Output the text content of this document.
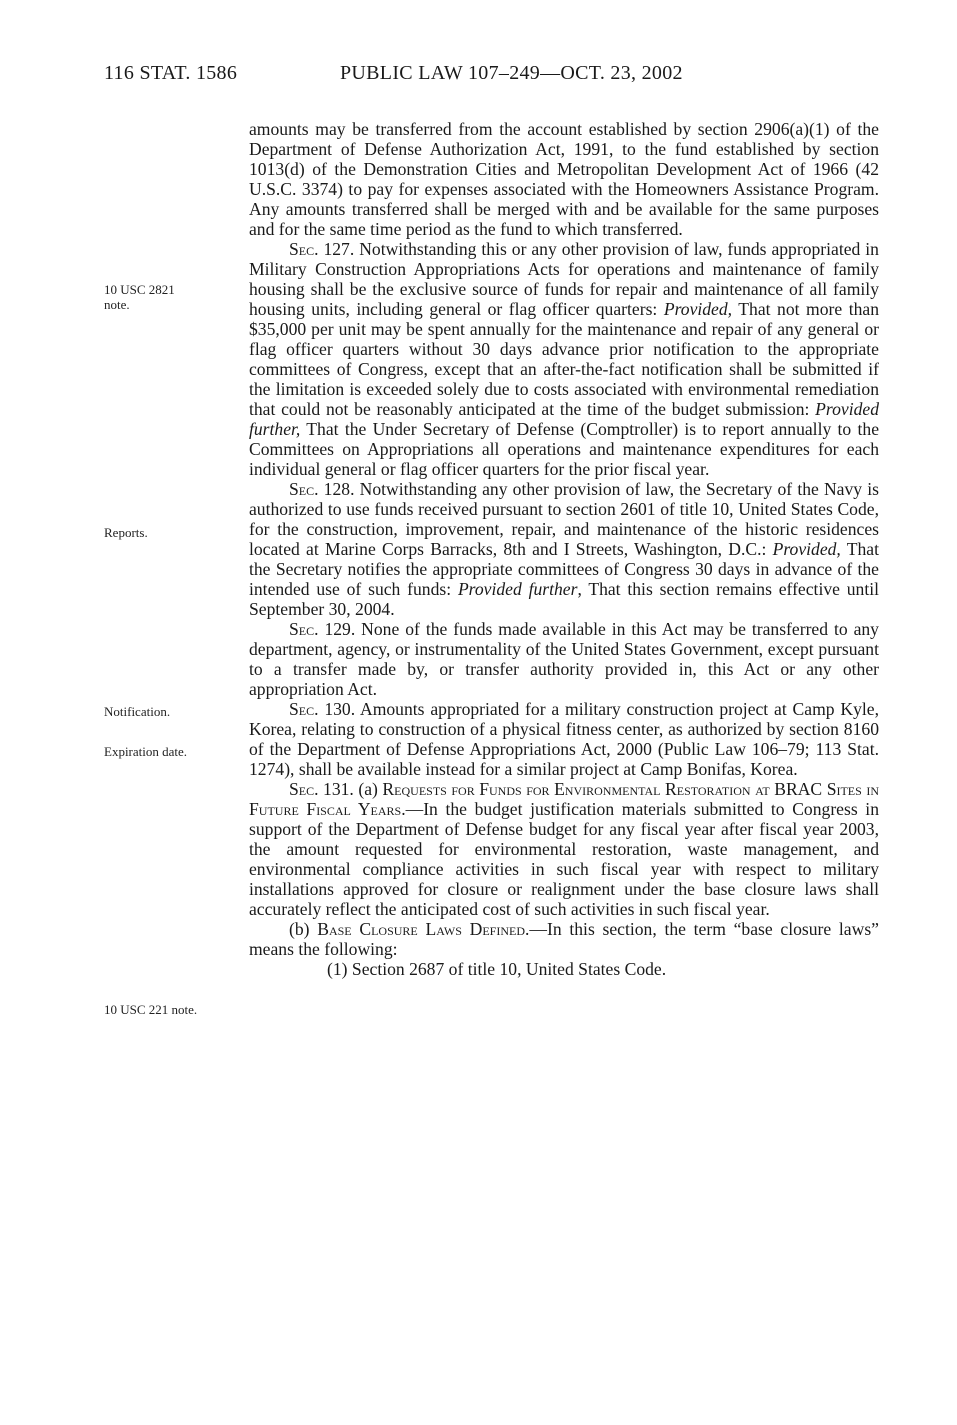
116 STAT. 1586	PUBLIC LAW 107–249—OCT. 23, 2002
10 USC 2821
note.
Reports.
Notification.
Expiration date.
10 USC 221 note.

amounts may be transferred from the account established by section 2906(a)(1) of the Department of Defense Authorization Act, 1991, to the fund established by section 1013(d) of the Demonstration Cities and Metropolitan Development Act of 1966 (42 U.S.C. 3374) to pay for expenses associated with the Homeowners Assistance Program. Any amounts transferred shall be merged with and be available for the same purposes and for the same time period as the fund to which transferred.

Sec. 127. Notwithstanding this or any other provision of law, funds appropriated in Military Construction Appropriations Acts for operations and maintenance of family housing shall be the exclusive source of funds for repair and maintenance of all family housing units, including general or flag officer quarters: Provided, That not more than $35,000 per unit may be spent annually for the maintenance and repair of any general or flag officer quarters without 30 days advance prior notification to the appropriate committees of Congress, except that an after-the-fact notification shall be submitted if the limitation is exceeded solely due to costs associated with environmental remediation that could not be reasonably anticipated at the time of the budget submission: Provided further, That the Under Secretary of Defense (Comptroller) is to report annually to the Committees on Appropriations all operations and maintenance expenditures for each individual general or flag officer quarters for the prior fiscal year.

Sec. 128. Notwithstanding any other provision of law, the Secretary of the Navy is authorized to use funds received pursuant to section 2601 of title 10, United States Code, for the construction, improvement, repair, and maintenance of the historic residences located at Marine Corps Barracks, 8th and I Streets, Washington, D.C.: Provided, That the Secretary notifies the appropriate committees of Congress 30 days in advance of the intended use of such funds: Provided further, That this section remains effective until September 30, 2004.

Sec. 129. None of the funds made available in this Act may be transferred to any department, agency, or instrumentality of the United States Government, except pursuant to a transfer made by, or transfer authority provided in, this Act or any other appropriation Act.

Sec. 130. Amounts appropriated for a military construction project at Camp Kyle, Korea, relating to construction of a physical fitness center, as authorized by section 8160 of the Department of Defense Appropriations Act, 2000 (Public Law 106–79; 113 Stat. 1274), shall be available instead for a similar project at Camp Bonifas, Korea.

Sec. 131. (a) Requests for Funds for Environmental Restoration at BRAC Sites in Future Fiscal Years.—In the budget justification materials submitted to Congress in support of the Department of Defense budget for any fiscal year after fiscal year 2003, the amount requested for environmental restoration, waste management, and environmental compliance activities in such fiscal year with respect to military installations approved for closure or realignment under the base closure laws shall accurately reflect the anticipated cost of such activities in such fiscal year.

(b) Base Closure Laws Defined.—In this section, the term “base closure laws” means the following:

(1) Section 2687 of title 10, United States Code.
